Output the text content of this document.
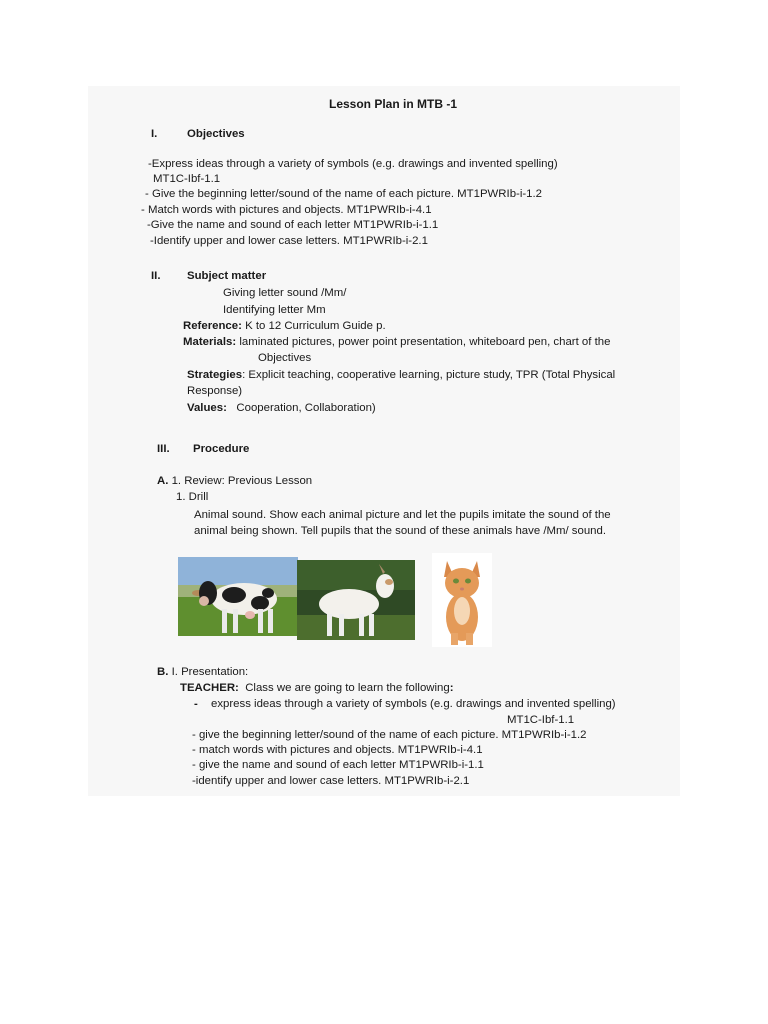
Lesson Plan in MTB -1
I.	Objectives
-Express ideas through a variety of symbols (e.g. drawings and invented spelling)
MT1C-Ibf-1.1
- Give the beginning letter/sound of the name of each picture. MT1PWRIb-i-1.2
- Match words with pictures and objects. MT1PWRIb-i-4.1
-Give the name and sound of each letter MT1PWRIb-i-1.1
-Identify upper and lower case letters. MT1PWRIb-i-2.1
II. Subject matter
Giving letter sound /Mm/
Identifying letter Mm
Reference: K to 12 Curriculum Guide p.
Materials: laminated pictures, power point presentation, whiteboard pen, chart of the
Objectives
Strategies: Explicit teaching, cooperative learning, picture study, TPR (Total Physical
Response)
Values: Cooperation, Collaboration)
III. Procedure
A. 1. Review: Previous Lesson
1. Drill
Animal sound. Show each animal picture and let the pupils imitate the sound of the
animal being shown. Tell pupils that the sound of these animals have /Mm/ sound.
B. I. Presentation:
TEACHER: Class we are going to learn the following:
- express ideas through a variety of symbols (e.g. drawings and invented spelling)
MT1C-Ibf-1.1
- give the beginning letter/sound of the name of each picture. MT1PWRIb-i-1.2
- match words with pictures and objects. MT1PWRIb-i-4.1
- give the name and sound of each letter MT1PWRIb-i-1.1
-identify upper and lower case letters. MT1PWRIb-i-2.1
